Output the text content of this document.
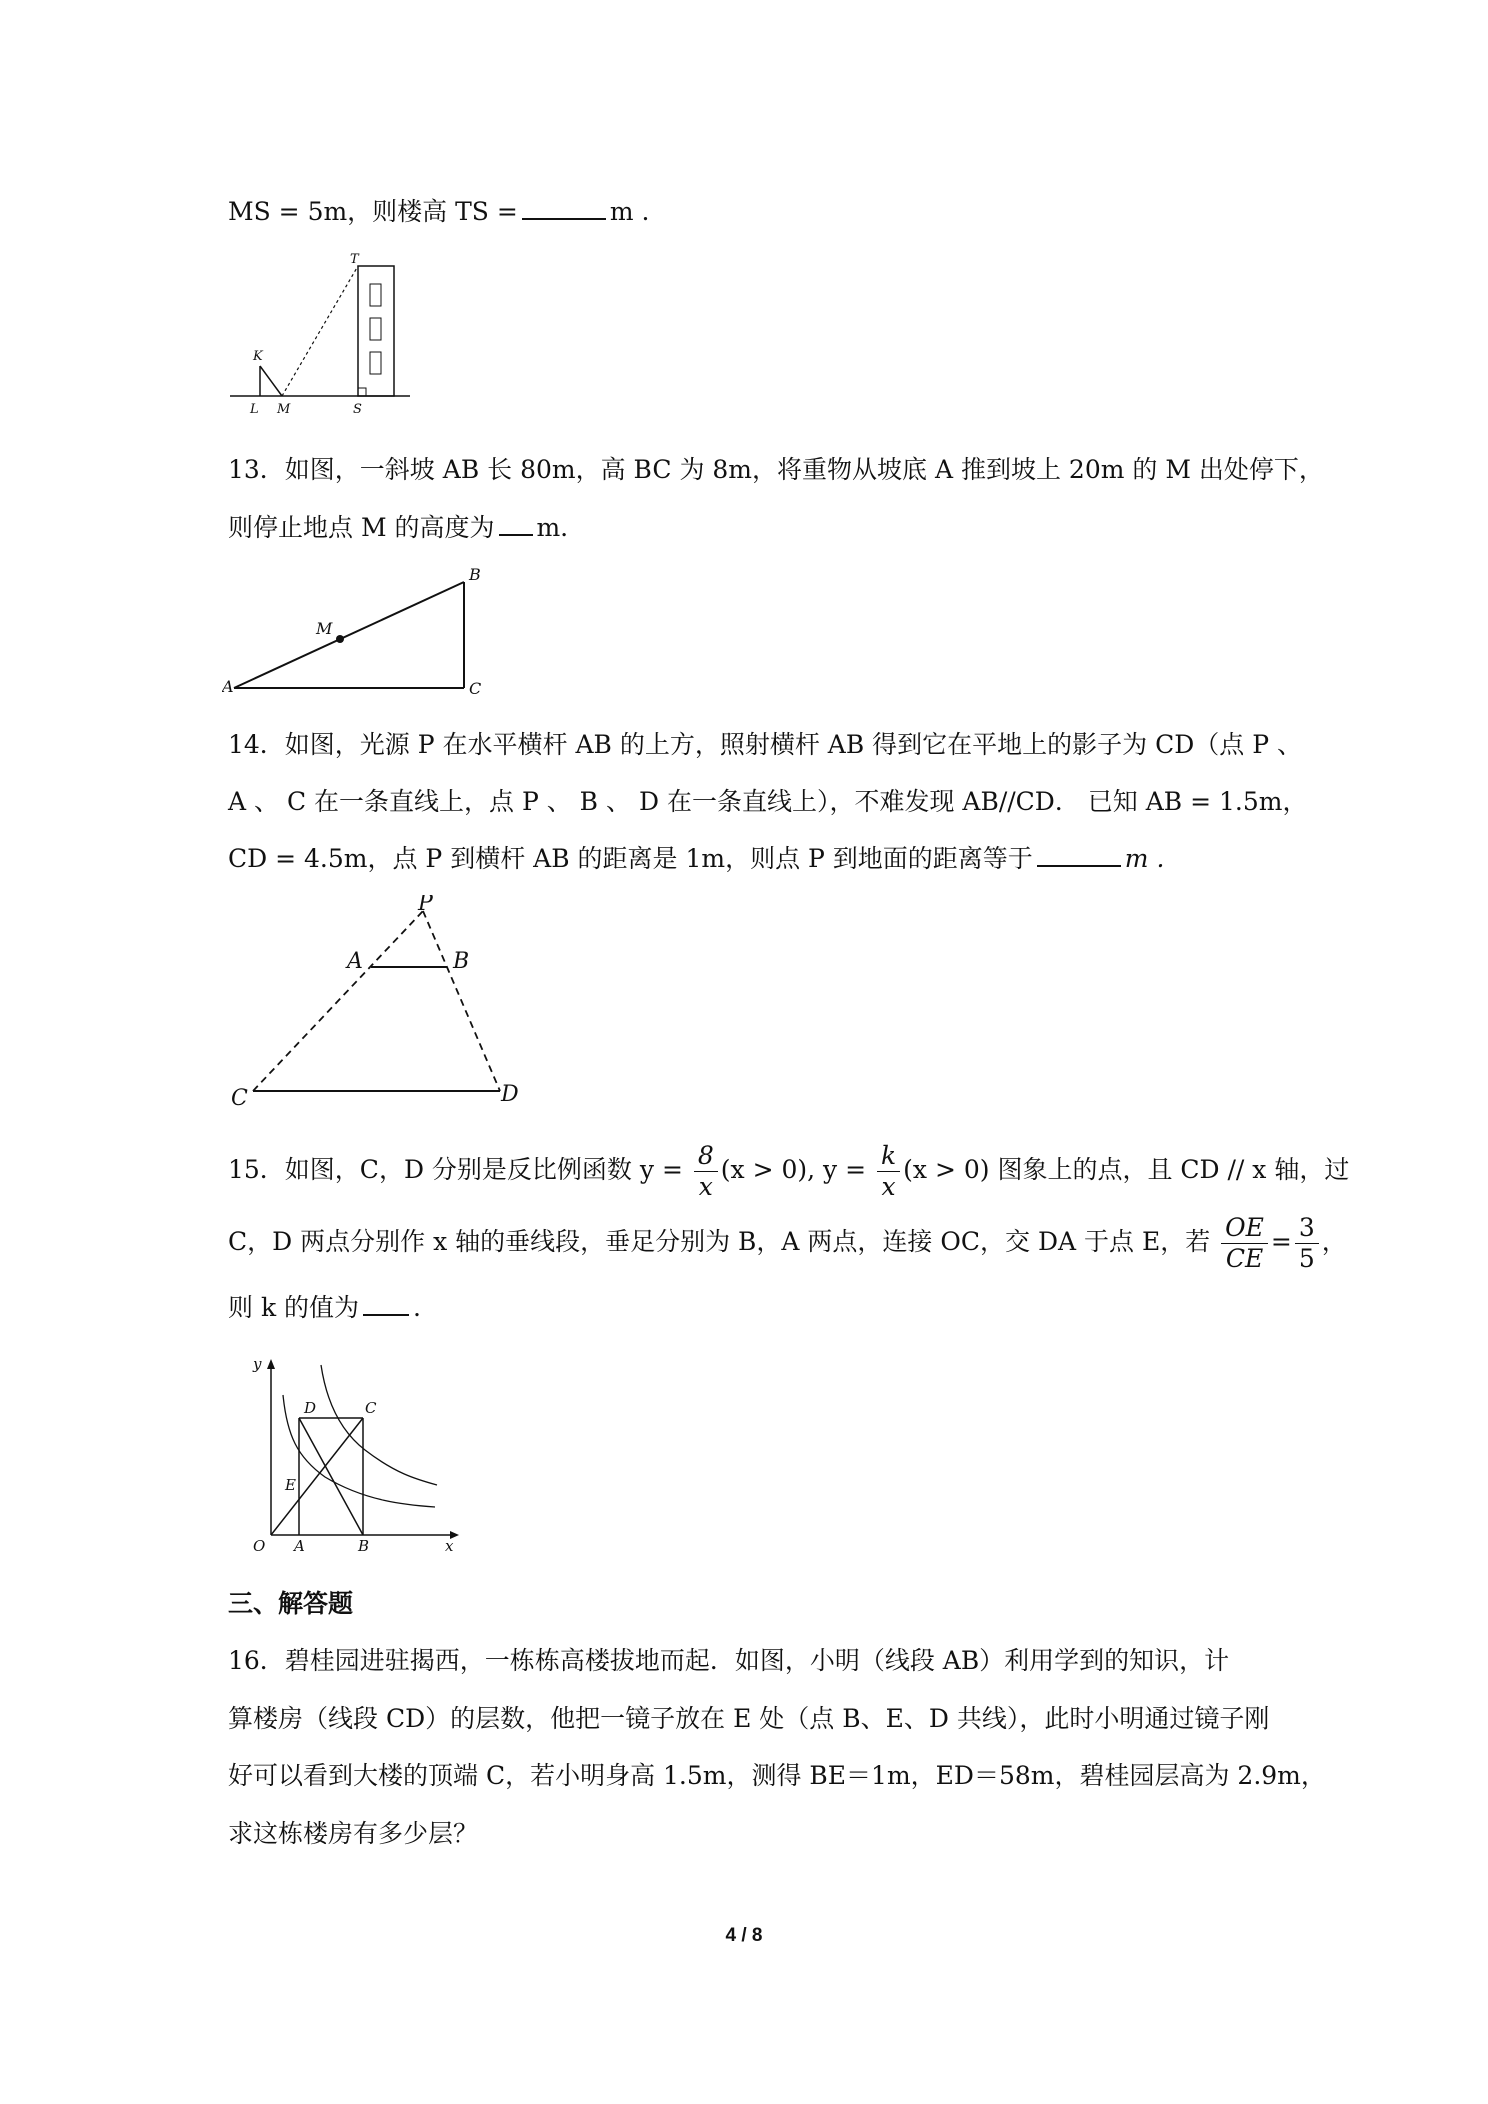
MS = 5m，则楼高 TS =	m .
T
K
L M	S
13．如图，一斜坡 AB 长 80m，高 BC 为 8m，将重物从坡底 A 推到坡上 20m 的 M 出处停下，
则停止地点 M 的高度为 m．
A
B
C
M
14．如图，光源 P 在水平横杆 AB 的上方，照射横杆 AB 得到它在平地上的影子为 CD（点 P 、
A 、 C 在一条直线上，点 P 、 B 、 D 在一条直线上），不难发现 AB//CD． 已知 AB = 1.5m，
CD = 4.5m，点 P 到横杆 AB 的距离是 1m，则点 P 到地面的距离等于	m .
P
A	B
C	D
15．如图，C，D 分别是反比例函数 $y = \frac{8}{x} (x > 0)$, $y = \frac{k}{x} (x > 0)$ 图象上的点，且 CD // x 轴，过
C，D 两点分别作 x 轴的垂线段，垂足分别为 B，A 两点，连接 OC，交 DA 于点 E，若 $\frac{OE}{CE} = \frac{3}{5}$ ，
则 k 的值为 .
y
x
O A	B
C
D
E
三、解答题
16．碧桂园进驻揭西，一栋栋高楼拔地而起．如图，小明（线段 AB）利用学到的知识，计
算楼房（线段 CD）的层数，他把一镜子放在 E 处（点 B、E、D 共线），此时小明通过镜子刚
好可以看到大楼的顶端 C，若小明身高 1.5m，测得 BE＝1m，ED＝58m，碧桂园层高为 2.9m，
求这栋楼房有多少层？
4 / 8
